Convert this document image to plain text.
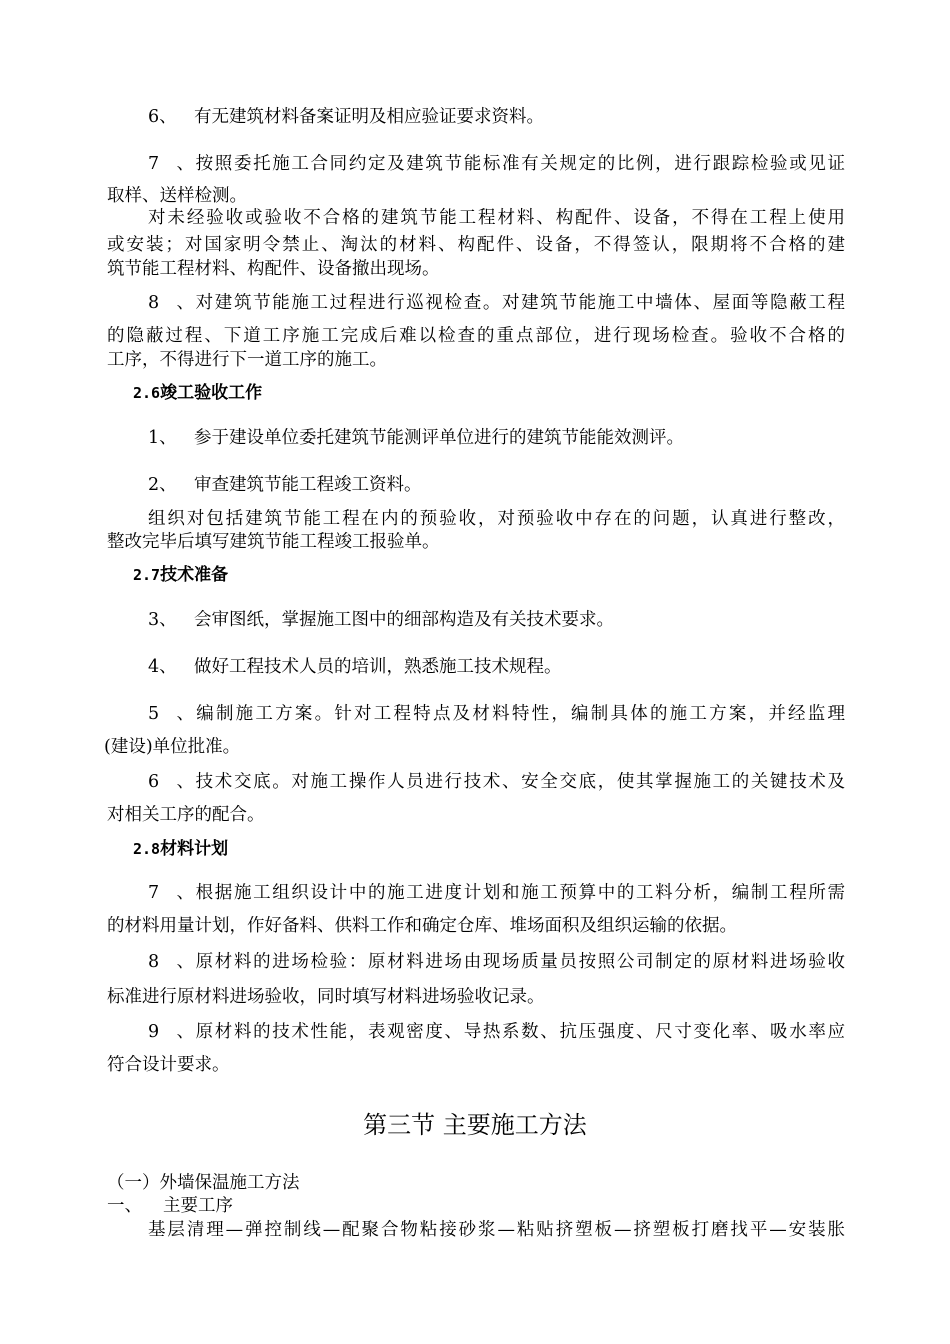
6、 有无建筑材料备案证明及相应验证要求资料。
7、按照委托施工合同约定及建筑节能标准有关规定的比例，进行跟踪检验或见证
取样、送样检测。
对未经验收或验收不合格的建筑节能工程材料、构配件、设备，不得在工程上使用
或安装；对国家明令禁止、淘汰的材料、构配件、设备，不得签认，限期将不合格的建
筑节能工程材料、构配件、设备撤出现场。
8、对建筑节能施工过程进行巡视检查。对建筑节能施工中墙体、屋面等隐蔽工程
的隐蔽过程、下道工序施工完成后难以检查的重点部位，进行现场检查。验收不合格的
工序，不得进行下一道工序的施工。
2.6竣工验收工作
1、 参于建设单位委托建筑节能测评单位进行的建筑节能能效测评。
2、 审查建筑节能工程竣工资料。
组织对包括建筑节能工程在内的预验收，对预验收中存在的问题，认真进行整改，
整改完毕后填写建筑节能工程竣工报验单。
2.7技术准备
3、 会审图纸，掌握施工图中的细部构造及有关技术要求。
4、 做好工程技术人员的培训，熟悉施工技术规程。
5、编制施工方案。针对工程特点及材料特性，编制具体的施工方案，并经监理
(建设)单位批准。
6、技术交底。对施工操作人员进行技术、安全交底，使其掌握施工的关键技术及
对相关工序的配合。
2.8材料计划
7、根据施工组织设计中的施工进度计划和施工预算中的工料分析，编制工程所需
的材料用量计划，作好备料、供料工作和确定仓库、堆场面积及组织运输的依据。
8、原材料的进场检验：原材料进场由现场质量员按照公司制定的原材料进场验收
标准进行原材料进场验收，同时填写材料进场验收记录。
9、原材料的技术性能，表观密度、导热系数、抗压强度、尺寸变化率、吸水率应
符合设计要求。
第三节 主要施工方法
（一）外墙保温施工方法
一、 主要工序
基层清理—弹控制线—配聚合物粘接砂浆—粘贴挤塑板—挤塑板打磨找平—安装胀
